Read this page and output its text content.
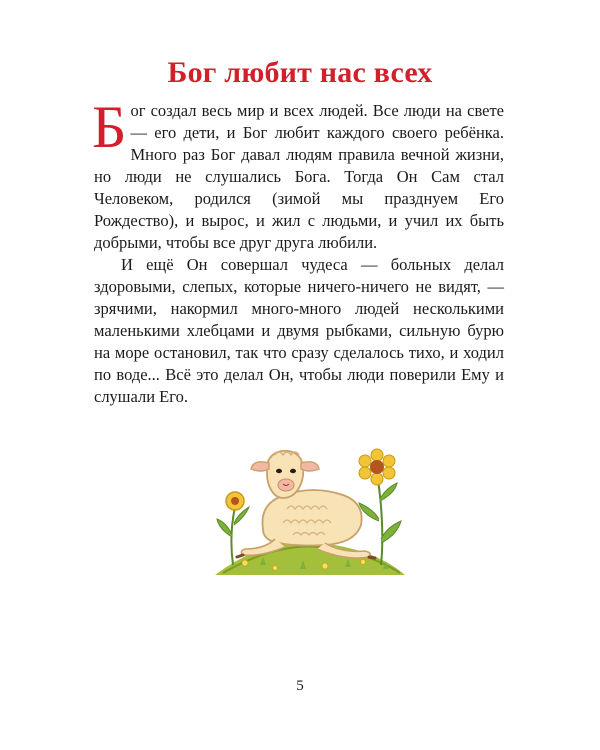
Бог любит нас всех

Бог создал весь мир и всех людей. Все люди на свете — его дети, и Бог любит каждого своего ребёнка. Много раз Бог давал людям правила вечной жизни, но люди не слушались Бога. Тогда Он Сам стал Человеком, родился (зимой мы празднуем Его Рождество), и вырос, и жил с людьми, и учил их быть добрыми, чтобы все друг друга любили.

И ещё Он совершал чудеса — больных делал здоровыми, слепых, которые ничего-ничего не видят, — зрячими, накормил много-много людей несколькими маленькими хлебцами и двумя рыбками, сильную бурю на море остановил, так что сразу сделалось тихо, и ходил по воде... Всё это делал Он, чтобы люди поверили Ему и слушали Его.

5
